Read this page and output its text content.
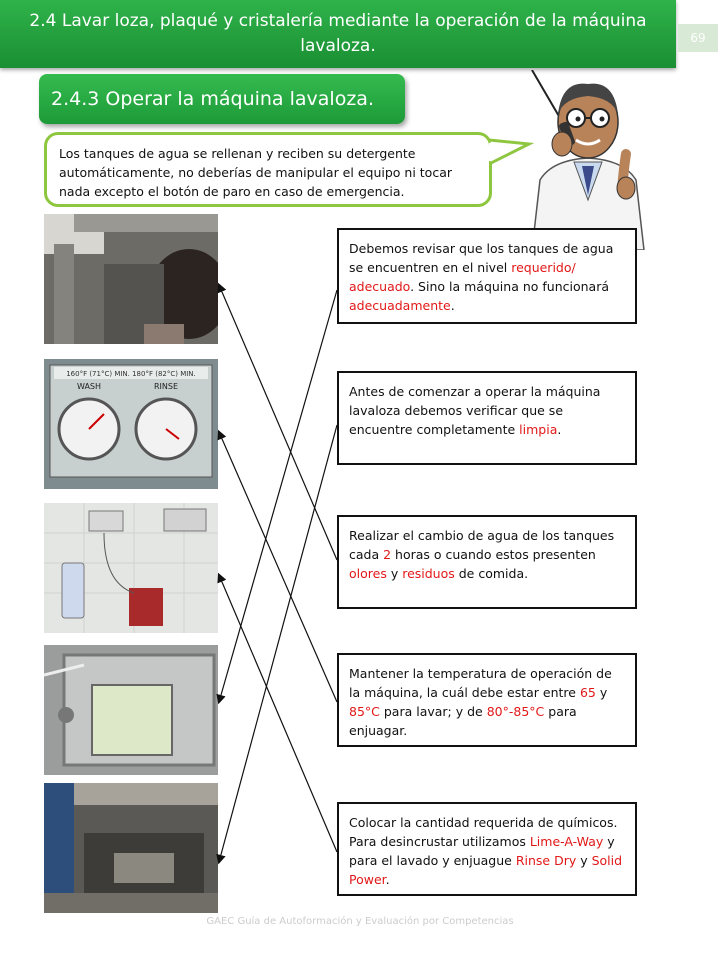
2.4 Lavar loza, plaqué y cristalería mediante la operación de la máquina lavaloza.	69
2.4.3 Operar la máquina lavaloza.
Los tanques de agua se rellenan y reciben su detergente automáticamente, no deberías de manipular el equipo ni tocar nada excepto el botón de paro en caso de emergencia.
160°F (71°C) MIN. 180°F (82°C) MIN.
WASH	RINSE
Debemos revisar que los tanques de agua se encuentren en el nivel requerido/ adecuado. Sino la máquina no funcionará adecuadamente.
Antes de comenzar a operar la máquina lavaloza debemos verificar que se encuentre completamente limpia.
Realizar el cambio de agua de los tanques cada 2 horas o cuando estos presenten olores y residuos de comida.
Mantener la temperatura de operación de la máquina, la cuál debe estar entre 65 y 85°C para lavar; y de 80°-85°C para enjuagar.
Colocar la cantidad requerida de químicos. Para desincrustar utilizamos Lime-A-Way y para el lavado y enjuague Rinse Dry y Solid Power.
GAEC Guía de Autoformación y Evaluación por Competencias
